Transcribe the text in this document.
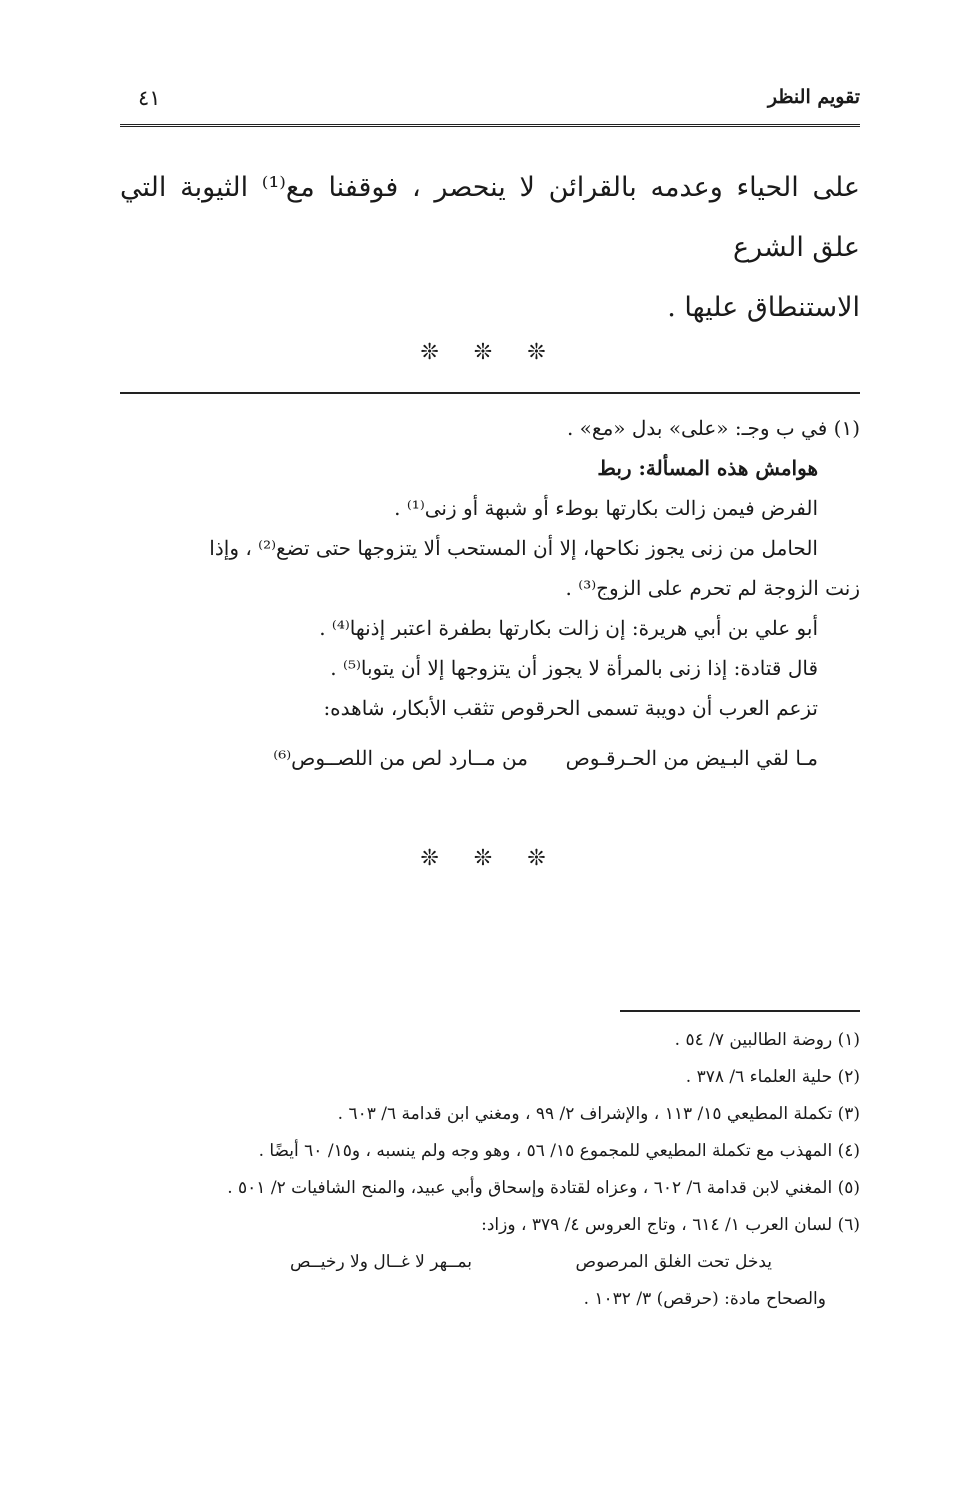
تقويم النظر
٤١

على الحياء وعدمه بالقرائن لا ينحصر ، فوقفنا مع⁽¹⁾ الثيوبة التي علق الشرع

الاستنطاق عليها .

❊ ❊ ❊

(١) في ب وجـ: «على» بدل «مع» .

هوامش هذه المسألة: ربط

الفرض فيمن زالت بكارتها بوطء أو شبهة أو زنى⁽¹⁾ .

الحامل من زنى يجوز نكاحها، إلا أن المستحب ألا يتزوجها حتى تضع⁽²⁾ ، وإذا

زنت الزوجة لم تحرم على الزوج⁽³⁾ .

أبو علي بن أبي هريرة: إن زالت بكارتها بطفرة اعتبر إذنها⁽⁴⁾ .

قال قتادة: إذا زنى بالمرأة لا يجوز أن يتزوجها إلا أن يتوبا⁽⁵⁾ .

تزعم العرب أن دويبة تسمى الحرقوص تثقب الأبكار، شاهده:

مـا لقي البـيض من الحـرقـوص
من مــارد لص من اللصــوص⁽⁶⁾
❊ ❊ ❊

(١) روضة الطالبين ٧/ ٥٤ .

(٢) حلية العلماء ٦/ ٣٧٨ .

(٣) تكملة المطيعي ١٥/ ١١٣ ، والإشراف ٢/ ٩٩ ، ومغني ابن قدامة ٦/ ٦٠٣ .

(٤) المهذب مع تكملة المطيعي للمجموع ١٥/ ٥٦ ، وهو وجه ولم ينسبه ، و١٥/ ٦٠ أيضًا .

(٥) المغني لابن قدامة ٦/ ٦٠٢ ، وعزاه لقتادة وإسحاق وأبي عبيد، والمنح الشافيات ٢/ ٥٠١ .

(٦) لسان العرب ١/ ٦١٤ ، وتاج العروس ٤/ ٣٧٩ ، وزاد:

يدخل تحت الغلق المرصوص
بمــهر لا غــال ولا رخيــص

والصحاح مادة: (حرقص) ٣/ ١٠٣٢ .
